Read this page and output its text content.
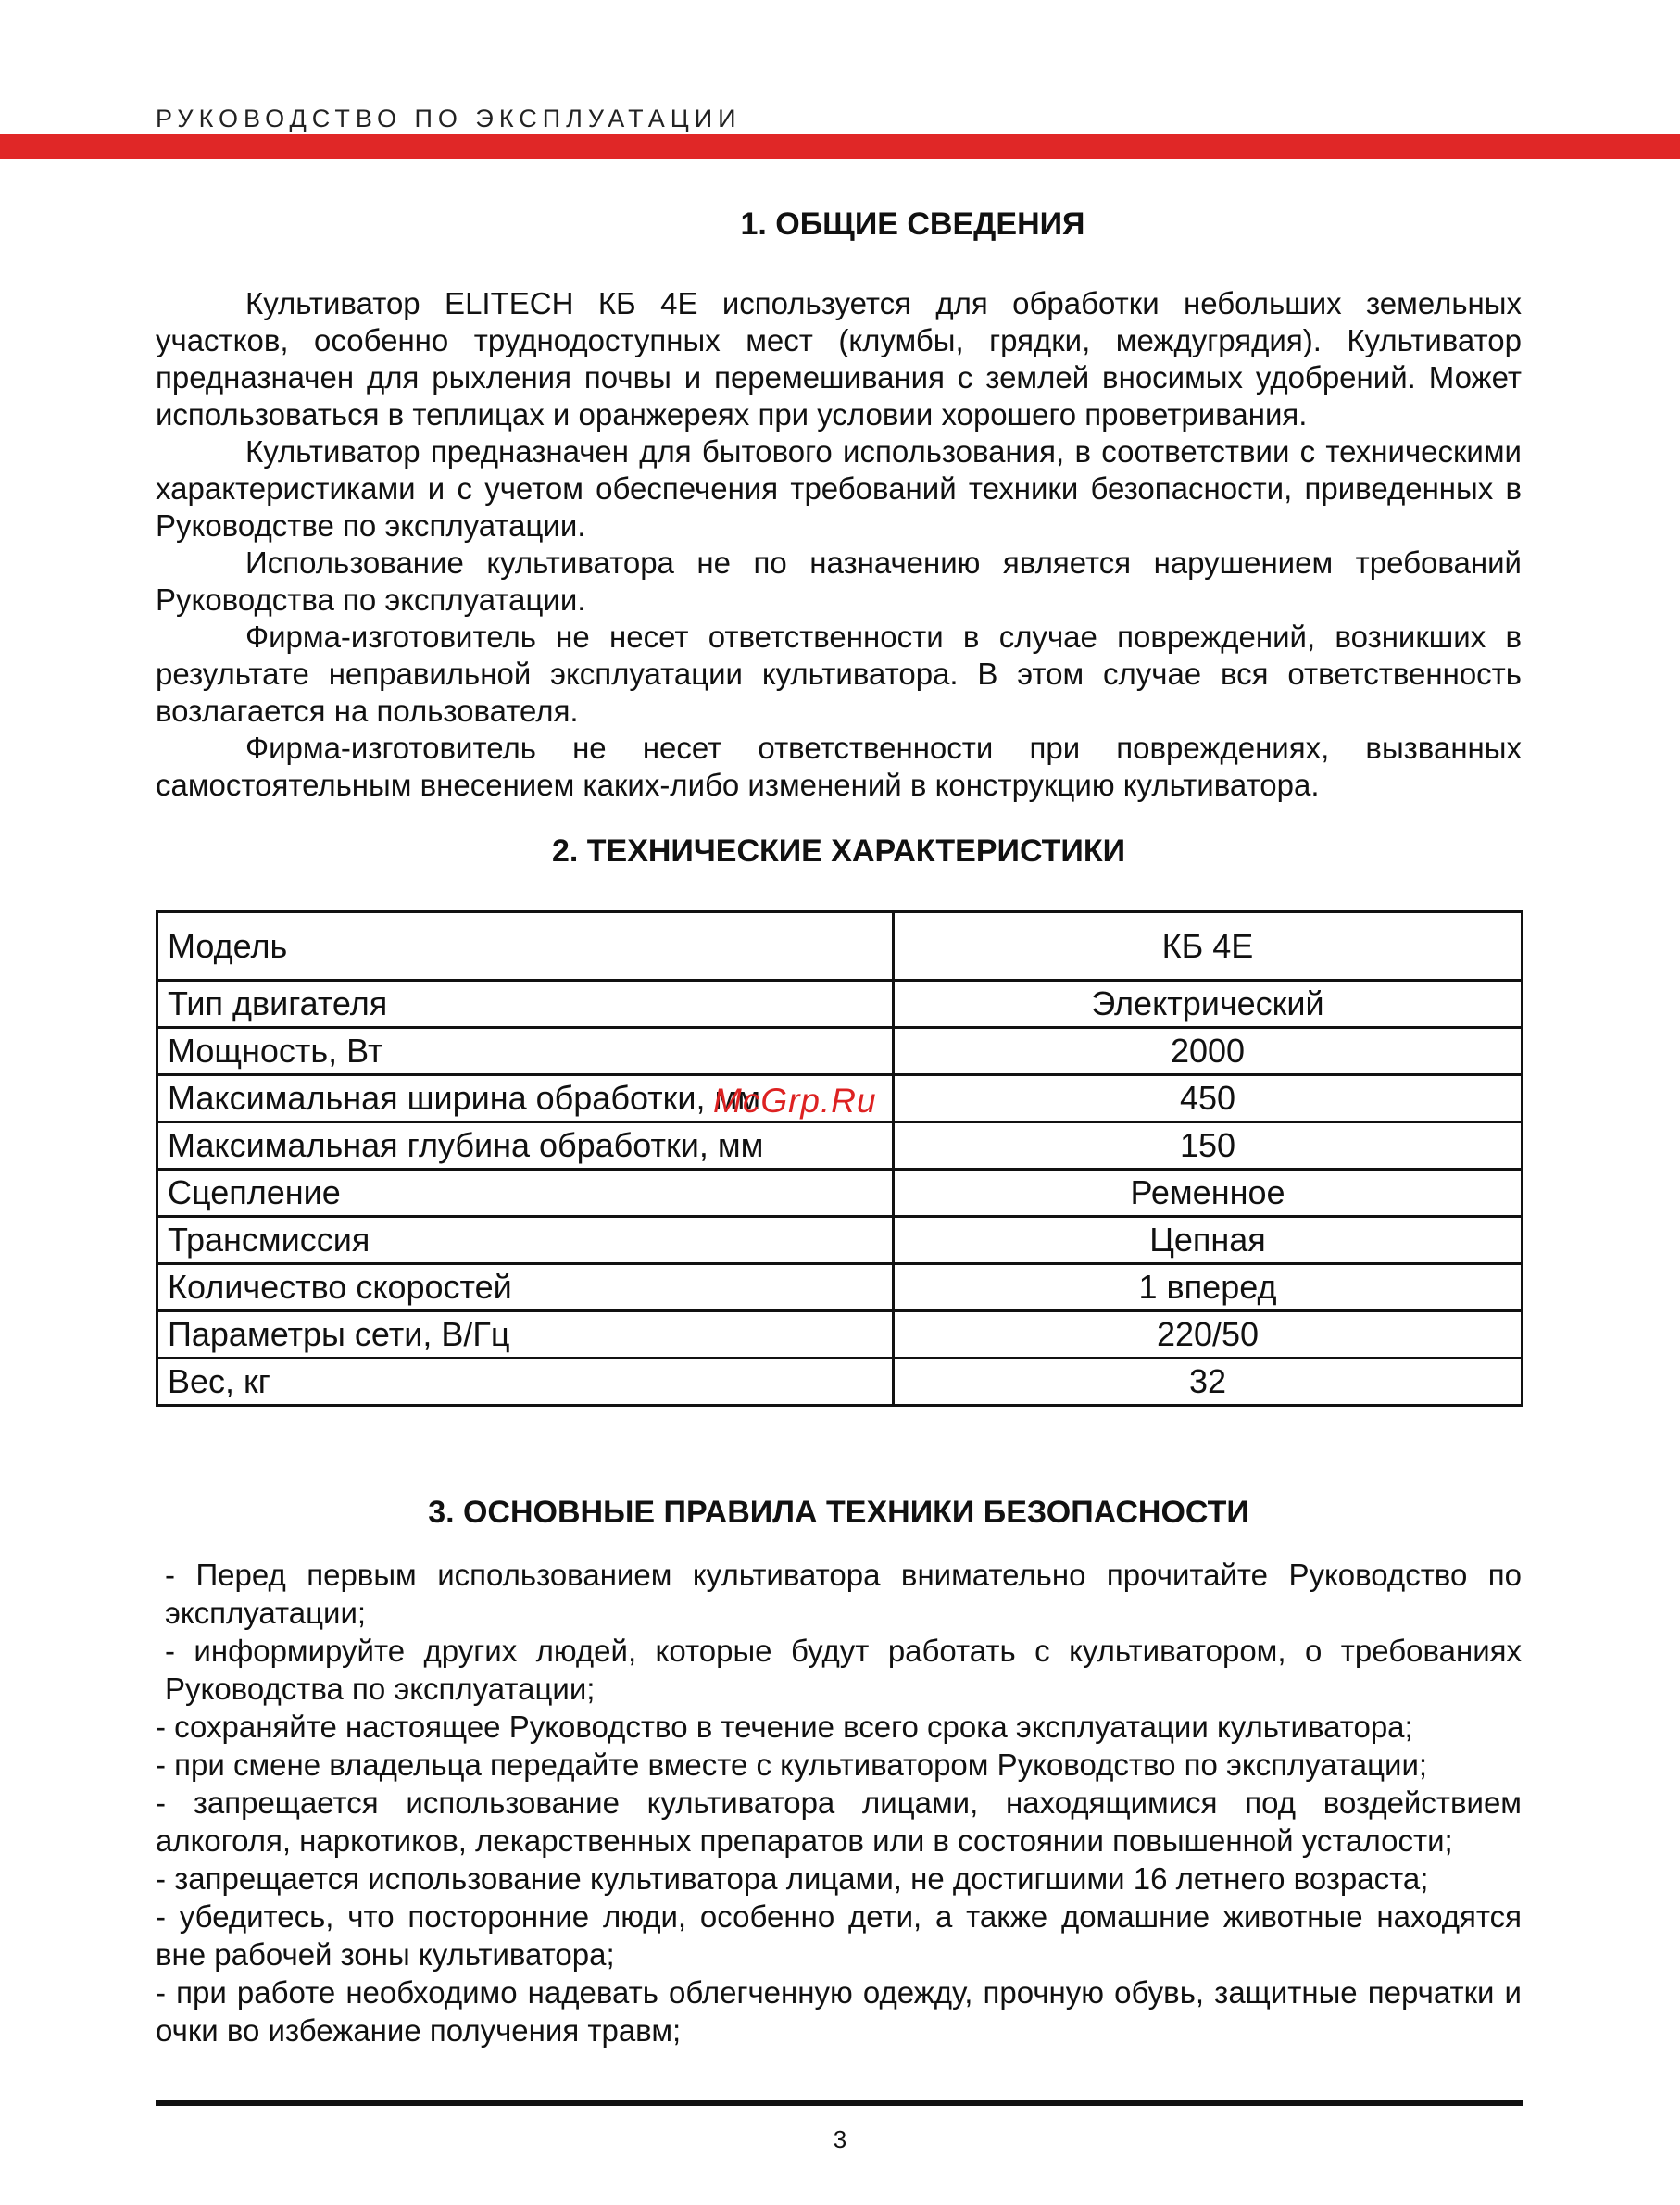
РУКОВОДСТВО ПО ЭКСПЛУАТАЦИИ
1. ОБЩИЕ СВЕДЕНИЯ

Культиватор ELITECH КБ 4Е используется для обработки небольших земельных участков, особенно труднодоступных мест (клумбы, грядки, междугрядия). Культиватор предназначен для рыхления почвы и перемешивания с землей вносимых удобрений. Может использоваться в теплицах и оранжереях при условии хорошего проветривания.

Культиватор предназначен для бытового использования, в соответствии с техническими характеристиками и с учетом обеспечения требований техники безопасности, приведенных в Руководстве по эксплуатации.

Использование культиватора не по назначению является нарушением требований Руководства по эксплуатации.

Фирма-изготовитель не несет ответственности в случае повреждений, возникших в результате неправильной эксплуатации культиватора. В этом случае вся ответственность возлагается на пользователя.

Фирма-изготовитель не несет ответственности при повреждениях, вызванных самостоятельным внесением каких-либо изменений в конструкцию культиватора.

2. ТЕХНИЧЕСКИЕ ХАРАКТЕРИСТИКИ
Модель	КБ 4Е
Тип двигателя	Электрический
Мощность, Вт	2000
Максимальная ширина обработки, мм	450
Максимальная глубина обработки, мм	150
Сцепление	Ременное
Трансмиссия	Цепная
Количество скоростей	1 вперед
Параметры сети, В/Гц	220/50
Вес, кг	32
McGrp.Ru
3. ОСНОВНЫЕ ПРАВИЛА ТЕХНИКИ БЕЗОПАСНОСТИ

- Перед первым использованием культиватора внимательно прочитайте Руководство по эксплуатации;

- информируйте других людей, которые будут работать с культиватором, о требованиях Руководства по эксплуатации;

- сохраняйте настоящее Руководство в течение всего срока эксплуатации культиватора;

- при смене владельца передайте вместе с культиватором Руководство по эксплуатации;

- запрещается использование культиватора лицами, находящимися под воздействием алкоголя, наркотиков, лекарственных препаратов или в состоянии повышенной усталости;

- запрещается использование культиватора лицами, не достигшими 16 летнего возраста;

- убедитесь, что посторонние люди, особенно дети, а также домашние животные находятся вне рабочей зоны культиватора;

- при работе необходимо надевать облегченную одежду, прочную обувь, защитные перчатки и очки во избежание получения травм;

3
